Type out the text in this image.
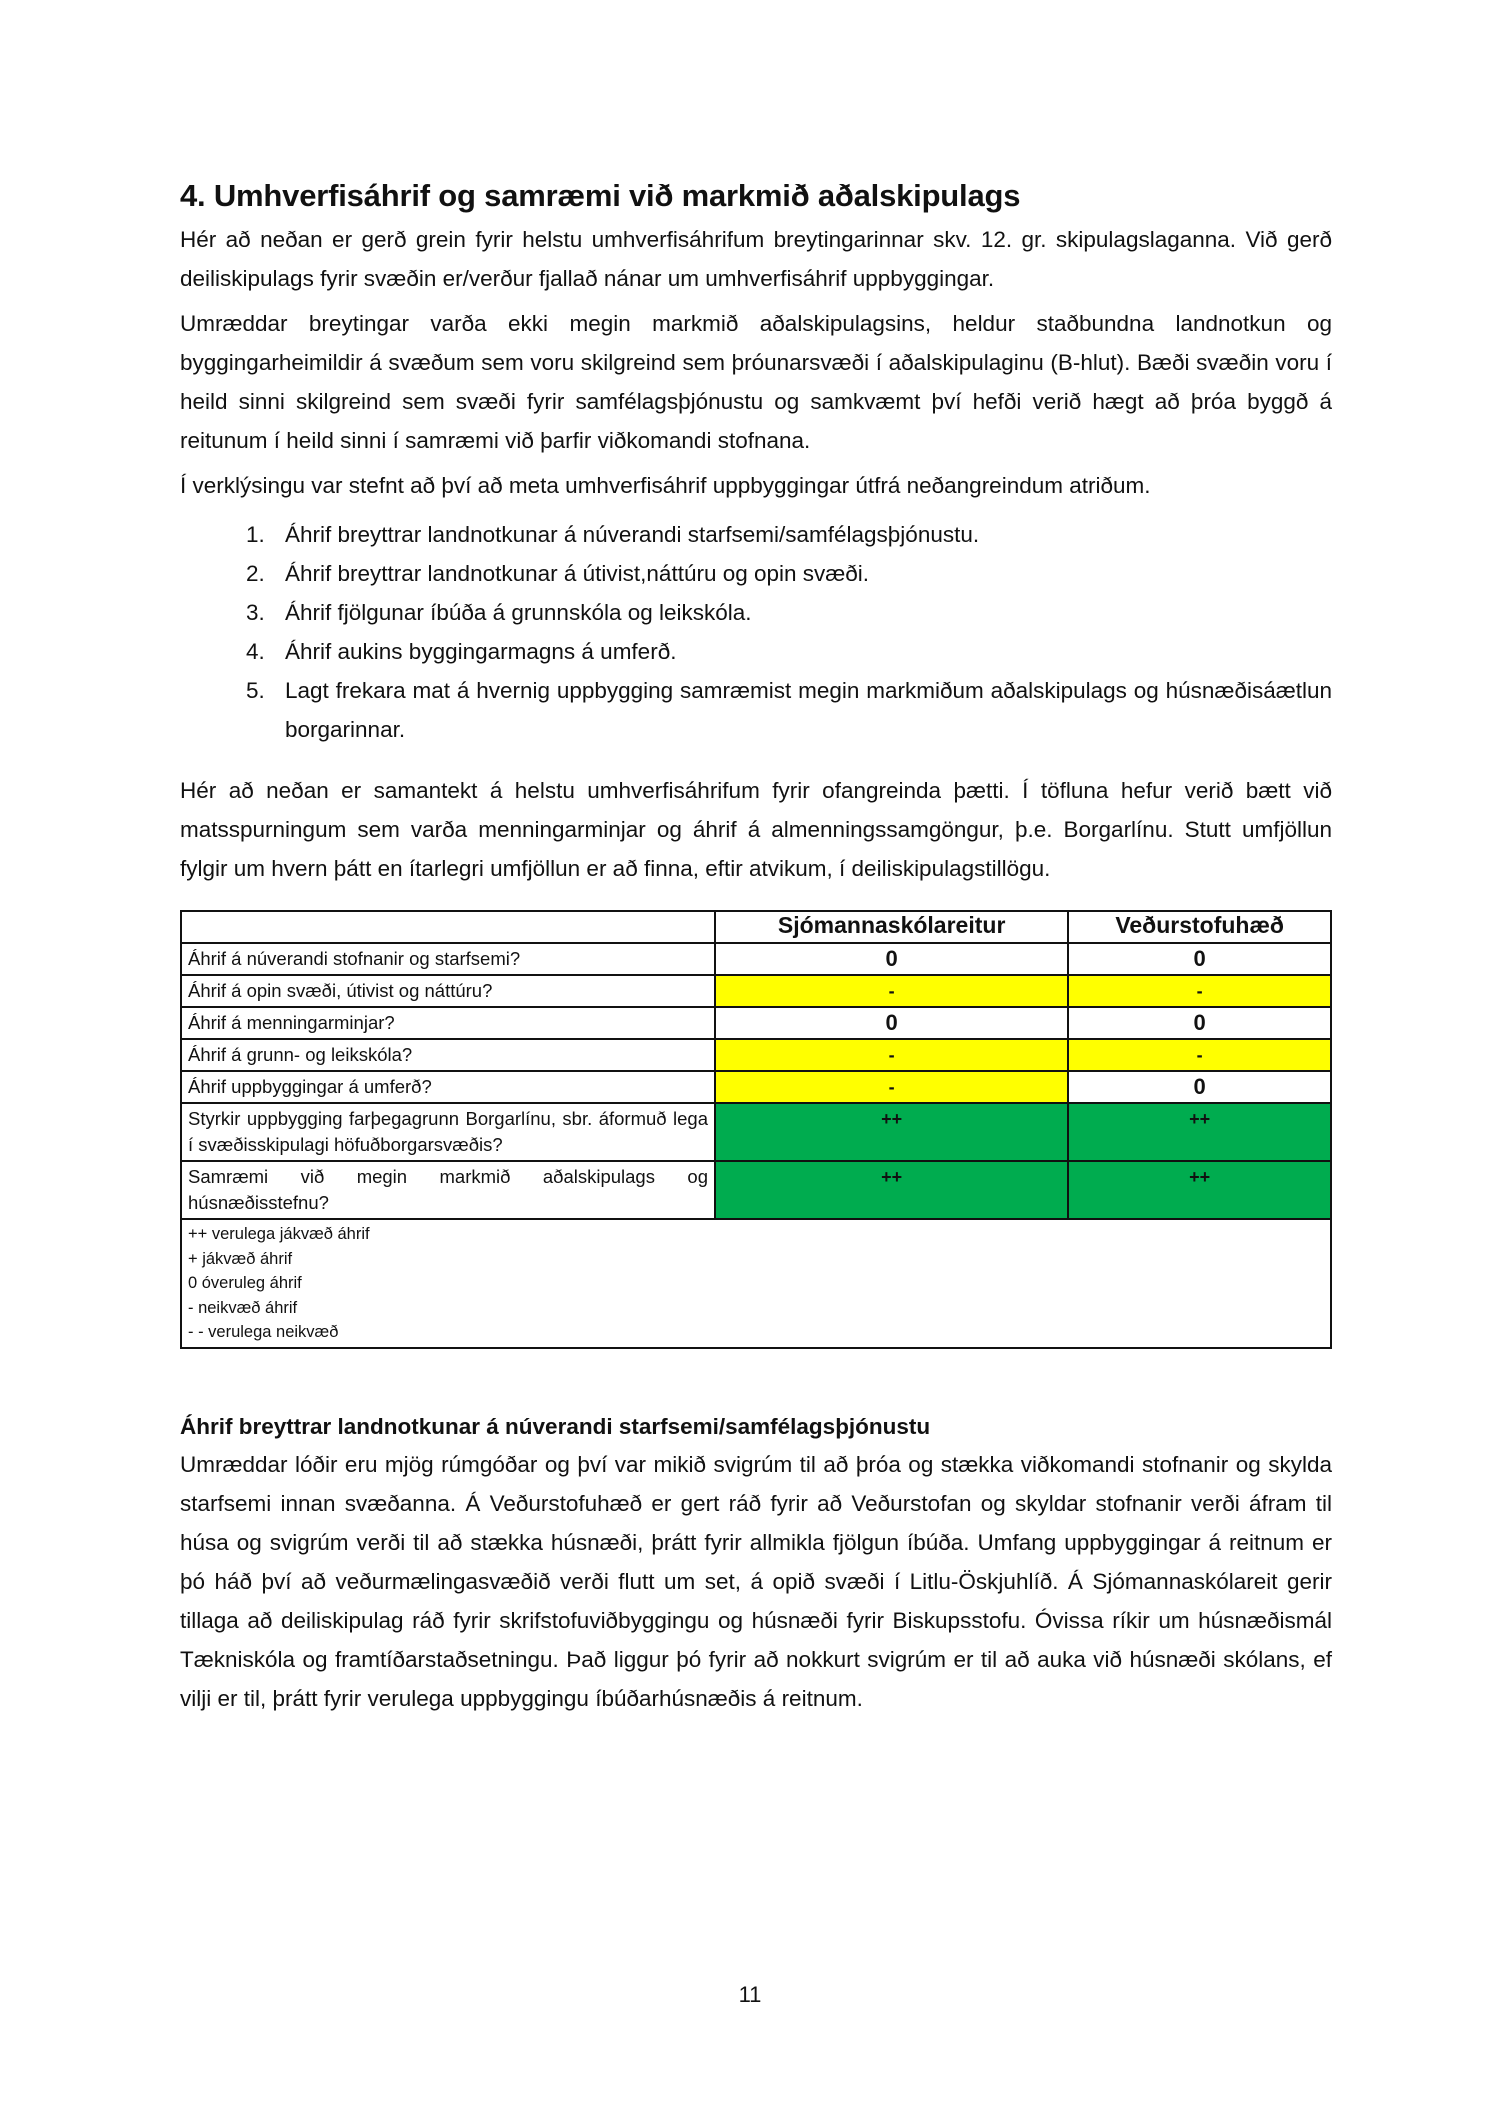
4. Umhverfisáhrif og samræmi við markmið aðalskipulags

Hér að neðan er gerð grein fyrir helstu umhverfisáhrifum breytingarinnar skv. 12. gr. skipulagslaganna. Við gerð deiliskipulags fyrir svæðin er/verður fjallað nánar um umhverfisáhrif uppbyggingar.

Umræddar breytingar varða ekki megin markmið aðalskipulagsins, heldur staðbundna landnotkun og byggingarheimildir á svæðum sem voru skilgreind sem þróunarsvæði í aðalskipulaginu (B-hlut). Bæði svæðin voru í heild sinni skilgreind sem svæði fyrir samfélagsþjónustu og samkvæmt því hefði verið hægt að þróa byggð á reitunum í heild sinni í samræmi við þarfir viðkomandi stofnana.

Í verklýsingu var stefnt að því að meta umhverfisáhrif uppbyggingar útfrá neðangreindum atriðum.

1. Áhrif breyttrar landnotkunar á núverandi starfsemi/samfélagsþjónustu.
2. Áhrif breyttrar landnotkunar á útivist,náttúru og opin svæði.
3. Áhrif fjölgunar íbúða á grunnskóla og leikskóla.
4. Áhrif aukins byggingarmagns á umferð.
5. Lagt frekara mat á hvernig uppbygging samræmist megin markmiðum aðalskipulags og húsnæðisáætlun borgarinnar.

Hér að neðan er samantekt á helstu umhverfisáhrifum fyrir ofangreinda þætti. Í töfluna hefur verið bætt við matsspurningum sem varða menningarminjar og áhrif á almenningssamgöngur, þ.e. Borgarlínu. Stutt umfjöllun fylgir um hvern þátt en ítarlegri umfjöllun er að finna, eftir atvikum, í deiliskipulagstillögu.

	Sjómannaskólareitur	Veðurstofuhæð
Áhrif á núverandi stofnanir og starfsemi?	0	0
Áhrif á opin svæði, útivist og náttúru?	-	-
Áhrif á menningarminjar?	0	0
Áhrif á grunn- og leikskóla?	-	-
Áhrif uppbyggingar á umferð?	-	0
Styrkir uppbygging farþegagrunn Borgarlínu, sbr. áformuð lega í svæðisskipulagi höfuðborgarsvæðis?	++	++
Samræmi við megin markmið aðalskipulags og húsnæðisstefnu?	++	++

++ verulega jákvæð áhrif
+ jákvæð áhrif
0 óveruleg áhrif
- neikvæð áhrif
- - verulega neikvæð		
Áhrif breyttrar landnotkunar á núverandi starfsemi/samfélagsþjónustu

Umræddar lóðir eru mjög rúmgóðar og því var mikið svigrúm til að þróa og stækka viðkomandi stofnanir og skylda starfsemi innan svæðanna. Á Veðurstofuhæð er gert ráð fyrir að Veðurstofan og skyldar stofnanir verði áfram til húsa og svigrúm verði til að stækka húsnæði, þrátt fyrir allmikla fjölgun íbúða. Umfang uppbyggingar á reitnum er þó háð því að veðurmælingasvæðið verði flutt um set, á opið svæði í Litlu-Öskjuhlíð. Á Sjómannaskólareit gerir tillaga að deiliskipulag ráð fyrir skrifstofuviðbyggingu og húsnæði fyrir Biskupsstofu. Óvissa ríkir um húsnæðismál Tækniskóla og framtíðarstaðsetningu. Það liggur þó fyrir að nokkurt svigrúm er til að auka við húsnæði skólans, ef vilji er til, þrátt fyrir verulega uppbyggingu íbúðarhúsnæðis á reitnum.

11
